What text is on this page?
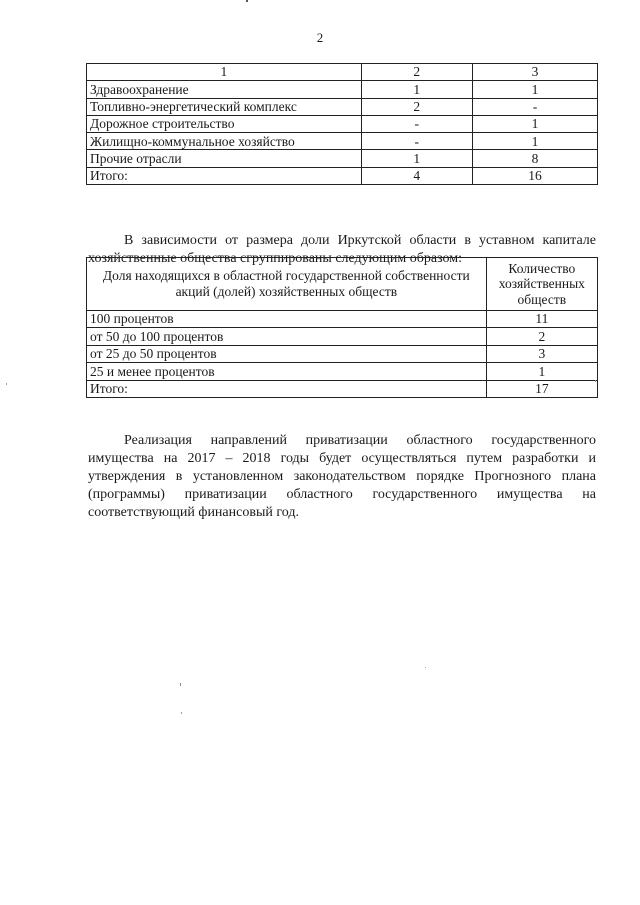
2
1	2	3
Здравоохранение	1	1
Топливно-энергетический комплекс	2	-
Дорожное строительство	-	1
Жилищно-коммунальное хозяйство	-	1
Прочие отрасли	1	8
Итого:	4	16

В зависимости от размера доли Иркутской области в уставном капитале хозяйственные общества сгруппированы следующим образом:

Доля находящихся в областной государственной собственности акций (долей) хозяйственных обществ	Количество хозяйственных обществ
100 процентов	11
от 50 до 100 процентов	2
от 25 до 50 процентов	3
25 и менее процентов	1
Итого:	17

Реализация направлений приватизации областного государственного имущества на 2017 – 2018 годы будет осуществляться путем разработки и утверждения в установленном законодательством порядке Прогнозного плана (программы) приватизации областного государственного имущества на соответствующий финансовый год.
